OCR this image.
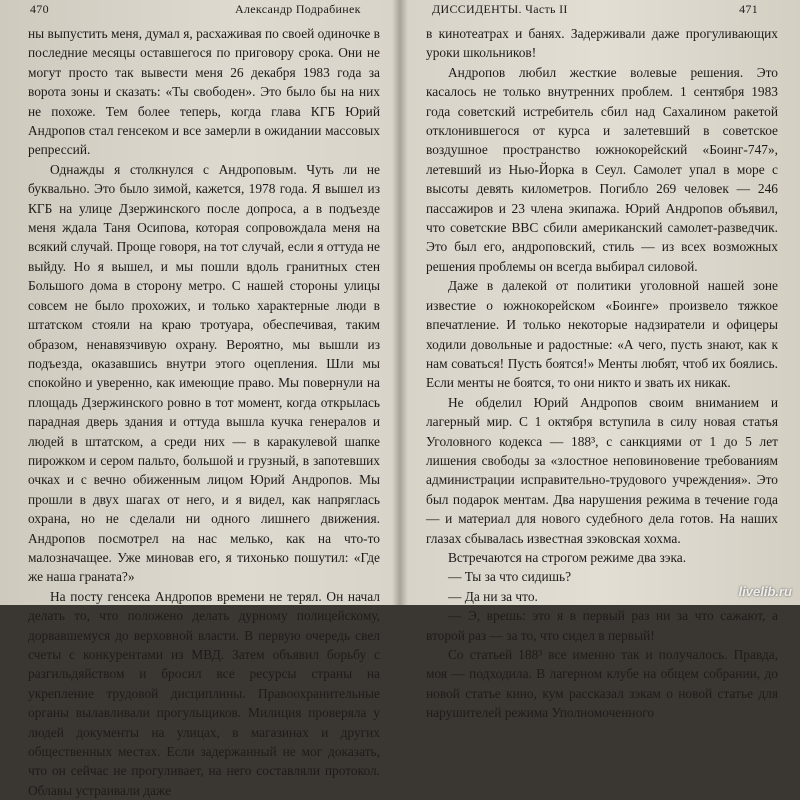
470	Александр Подрабинек

ны выпустить меня, думал я, расхаживая по своей одиночке в последние месяцы оставшегося по приговору срока. Они не могут просто так вывести меня 26 декабря 1983 года за ворота зоны и сказать: «Ты свободен». Это было бы на них не похоже. Тем более теперь, когда глава КГБ Юрий Андропов стал генсеком и все замерли в ожидании массовых репрессий.

Однажды я столкнулся с Андроповым. Чуть ли не буквально. Это было зимой, кажется, 1978 года. Я вышел из КГБ на улице Дзержинского после допроса, а в подъезде меня ждала Таня Осипова, которая сопровождала меня на всякий случай. Проще говоря, на тот случай, если я оттуда не выйду. Но я вышел, и мы пошли вдоль гранитных стен Большого дома в сторону метро. С нашей стороны улицы совсем не было прохожих, и только характерные люди в штатском стояли на краю тротуара, обеспечивая, таким образом, ненавязчивую охрану. Вероятно, мы вышли из подъезда, оказавшись внутри этого оцепления. Шли мы спокойно и уверенно, как имеющие право. Мы повернули на площадь Дзержинского ровно в тот момент, когда открылась парадная дверь здания и оттуда вышла кучка генералов и людей в штатском, а среди них — в каракулевой шапке пирожком и сером пальто, большой и грузный, в запотевших очках и с вечно обиженным лицом Юрий Андропов. Мы прошли в двух шагах от него, и я видел, как напряглась охрана, но не сделали ни одного лишнего движения. Андропов посмотрел на нас мелько, как на что-то малозначащее. Уже миновав его, я тихонько пошутил: «Где же наша граната?»

На посту генсека Андропов времени не терял. Он начал делать то, что положено делать дурному полицейскому, дорвавшемуся до верховной власти. В первую очередь свел счеты с конкурентами из МВД. Затем объявил борьбу с разгильдяйством и бросил все ресурсы страны на укрепление трудовой дисциплины. Правоохранительные органы вылавливали прогульщиков. Милиция проверяла у людей документы на улицах, в магазинах и других общественных местах. Если задержанный не мог доказать, что он сейчас не прогуливает, на него составляли протокол. Облавы устраивали даже

ДИССИДЕНТЫ. Часть II	471

в кинотеатрах и банях. Задерживали даже прогуливающих уроки школьников!

Андропов любил жесткие волевые решения. Это касалось не только внутренних проблем. 1 сентября 1983 года советский истребитель сбил над Сахалином ракетой отклонившегося от курса и залетевший в советское воздушное пространство южнокорейский «Боинг-747», летевший из Нью-Йорка в Сеул. Самолет упал в море с высоты девять километров. Погибло 269 человек — 246 пассажиров и 23 члена экипажа. Юрий Андропов объявил, что советские ВВС сбили американский самолет-разведчик. Это был его, андроповский, стиль — из всех возможных решения проблемы он всегда выбирал силовой.

Даже в далекой от политики уголовной нашей зоне известие о южнокорейском «Боинге» произвело тяжкое впечатление. И только некоторые надзиратели и офицеры ходили довольные и радостные: «А чего, пусть знают, как к нам соваться! Пусть боятся!» Менты любят, чтоб их боялись. Если менты не боятся, то они никто и звать их никак.

Не обделил Юрий Андропов своим вниманием и лагерный мир. С 1 октября вступила в силу новая статья Уголовного кодекса — 188³, с санкциями от 1 до 5 лет лишения свободы за «злостное неповиновение требованиям администрации исправительно-трудового учреждения». Это был подарок ментам. Два нарушения режима в течение года — и материал для нового судебного дела готов. На наших глазах сбывалась известная зэковская хохма.

Встречаются на строгом режиме два зэка.

— Ты за что сидишь?

— Да ни за что.

— Э, врешь: это я в первый раз ни за что сажают, а второй раз — за то, что сидел в первый!

Со статьей 188³ все именно так и получалось. Правда, моя — подходила. В лагерном клубе на общем собрании, до новой статье кино, кум рассказал зэкам о новой статье для нарушителей режима Уполномоченного

livelib.ru
